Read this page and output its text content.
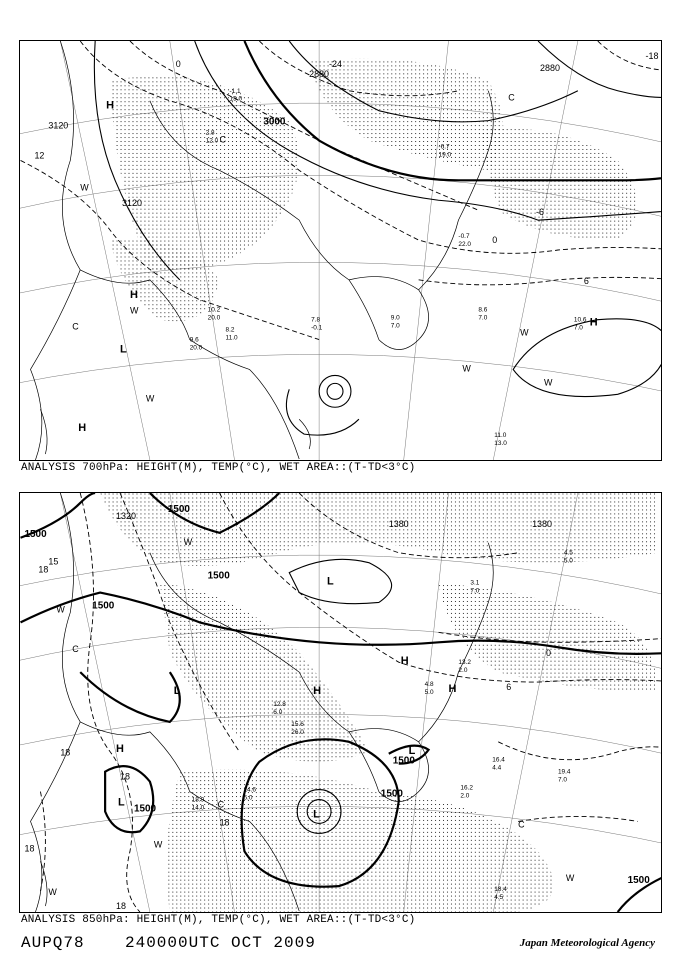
3120
3120
3000
2880
2880
12
0
-6
-18
-24
0
6
H
H
L
H
H
C
C
C
W
W
W
W
W
W
-1.1
15.0
2.8
12.0
-6.7
19.0
-0.7
22.0
8.6
7.0	10.6
7.0
9.0
7.0
11.0
13.0
9.6
20.0
10.2
20.0
8.2
11.0
7.8
-0.1
ANALYSIS 700hPa: HEIGHT(M), TEMP(°C), WET AREA::(T-TD<3°C)
1500
1500
1500
1500
1500
1500
1500
1500
1380	1380
1320
18
18
18
18
18
18
0
6
15
L
L
L
L
L
H
H
H
H
C
C
C
W
W
W
W
W
3.1
7.0
4.5
5.0
16.4
4.4
19.4
7.0
18.4
4.5
16.2
2.0
13.2
2.0
4.8
5.0
12.8
6.0
15.6
26.0
14.6
6.0
18.9
14.0
ANALYSIS 850hPa: HEIGHT(M), TEMP(°C), WET AREA::(T-TD<3°C)
AUPQ78	240000UTC OCT 2009	Japan Meteorological Agency
